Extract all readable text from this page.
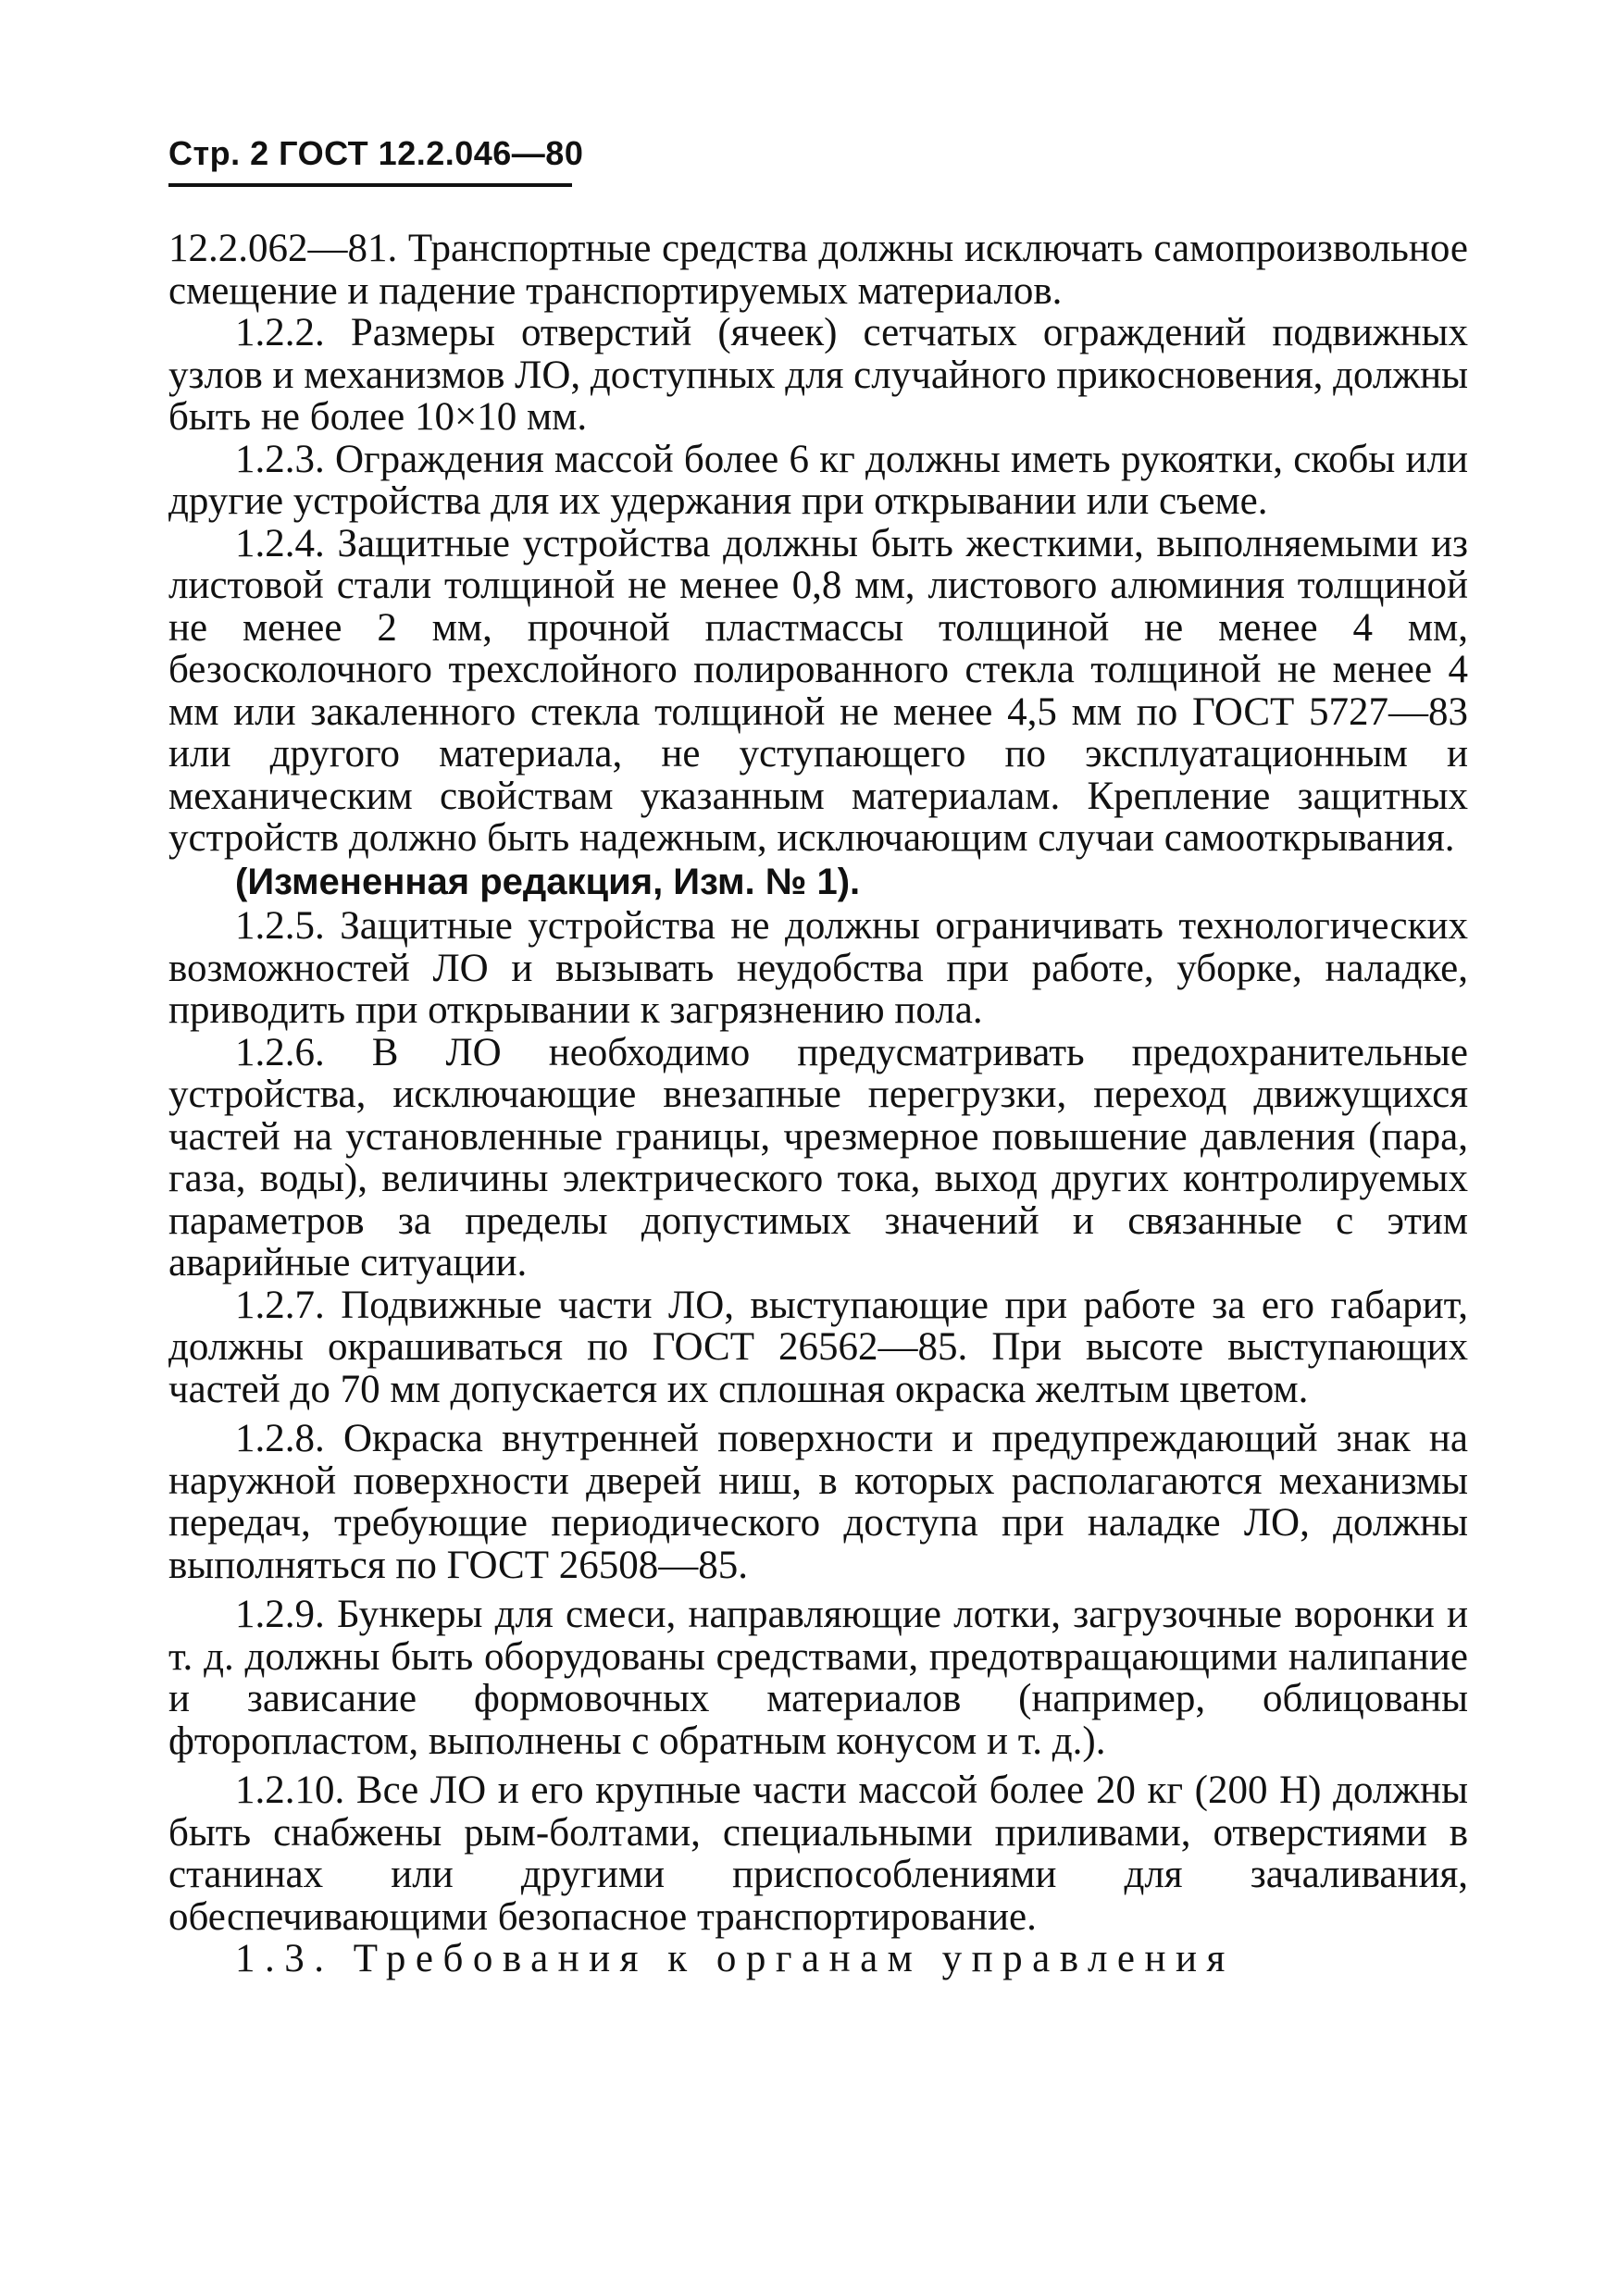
Стр. 2 ГОСТ 12.2.046—80

12.2.062—81. Транспортные средства должны исключать самопроизвольное смещение и падение транспортируемых материалов.

1.2.2. Размеры отверстий (ячеек) сетчатых ограждений подвижных узлов и механизмов ЛО, доступных для случайного прикосновения, должны быть не более 10×10 мм.

1.2.3. Ограждения массой более 6 кг должны иметь рукоятки, скобы или другие устройства для их удержания при открывании или съеме.

1.2.4. Защитные устройства должны быть жесткими, выполняемыми из листовой стали толщиной не менее 0,8 мм, листового алюминия толщиной не менее 2 мм, прочной пластмассы толщиной не менее 4 мм, безосколочного трехслойного полированного стекла толщиной не менее 4 мм или закаленного стекла толщиной не менее 4,5 мм по ГОСТ 5727—83 или другого материала, не уступающего по эксплуатационным и механическим свойствам указанным материалам. Крепление защитных устройств должно быть надежным, исключающим случаи самооткрывания.

(Измененная редакция, Изм. № 1).

1.2.5. Защитные устройства не должны ограничивать технологических возможностей ЛО и вызывать неудобства при работе, уборке, наладке, приводить при открывании к загрязнению пола.

1.2.6. В ЛО необходимо предусматривать предохранительные устройства, исключающие внезапные перегрузки, переход движущихся частей на установленные границы, чрезмерное повышение давления (пара, газа, воды), величины электрического тока, выход других контролируемых параметров за пределы допустимых значений и связанные с этим аварийные ситуации.

1.2.7. Подвижные части ЛО, выступающие при работе за его габарит, должны окрашиваться по ГОСТ 26562—85. При высоте выступающих частей до 70 мм допускается их сплошная окраска желтым цветом.

1.2.8. Окраска внутренней поверхности и предупреждающий знак на наружной поверхности дверей ниш, в которых располагаются механизмы передач, требующие периодического доступа при наладке ЛО, должны выполняться по ГОСТ 26508—85.

1.2.9. Бункеры для смеси, направляющие лотки, загрузочные воронки и т. д. должны быть оборудованы средствами, предотвращающими налипание и зависание формовочных материалов (например, облицованы фторопластом, выполнены с обратным конусом и т. д.).

1.2.10. Все ЛО и его крупные части массой более 20 кг (200 Н) должны быть снабжены рым-болтами, специальными приливами, отверстиями в станинах или другими приспособлениями для зачаливания, обеспечивающими безопасное транспортирование.

1.3. Требования к органам управления
